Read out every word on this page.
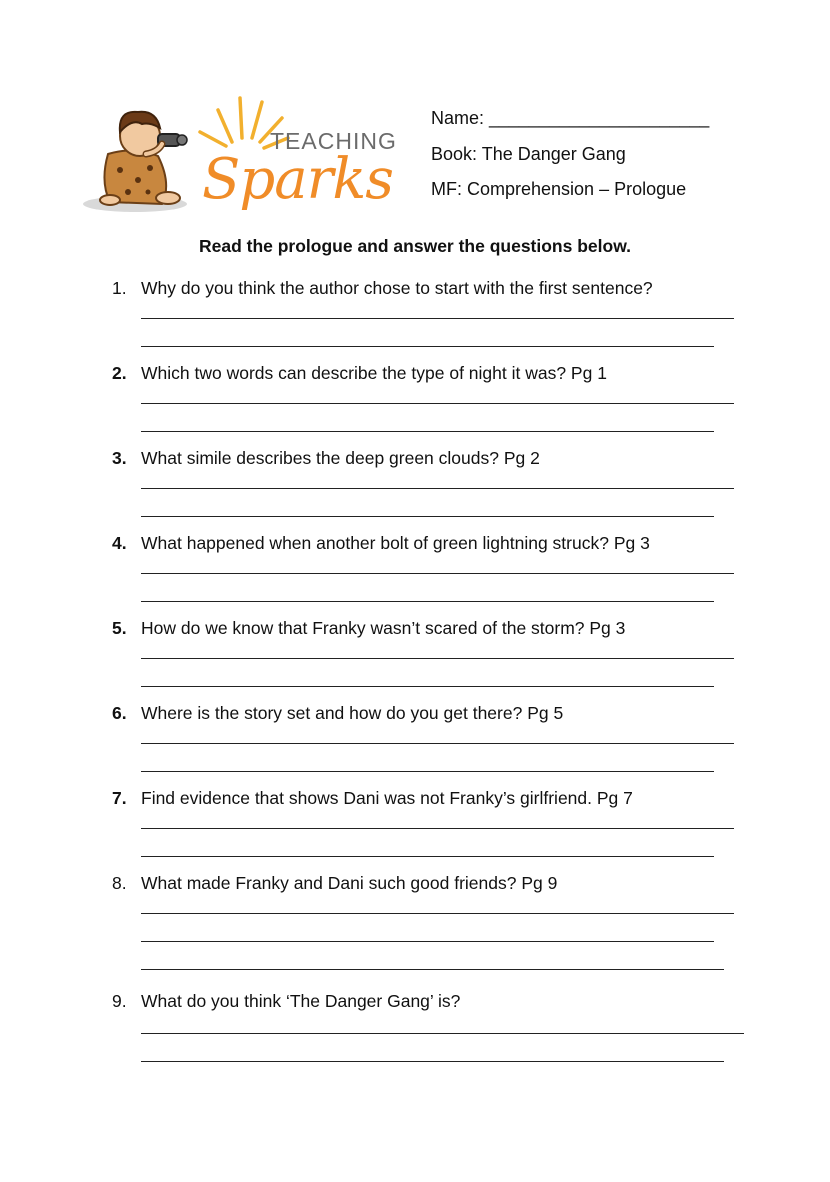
TEACHING
Sparks
Name: ______________________
Book: The Danger Gang
MF: Comprehension – Prologue
Read the prologue and answer the questions below.
1. Why do you think the author chose to start with the first sentence?
2. Which two words can describe the type of night it was? Pg 1
3. What simile describes the deep green clouds? Pg 2
4. What happened when another bolt of green lightning struck? Pg 3
5. How do we know that Franky wasn’t scared of the storm? Pg 3
6. Where is the story set and how do you get there? Pg 5
7. Find evidence that shows Dani was not Franky’s girlfriend. Pg 7
8. What made Franky and Dani such good friends? Pg 9
9. What do you think ‘The Danger Gang’ is?
